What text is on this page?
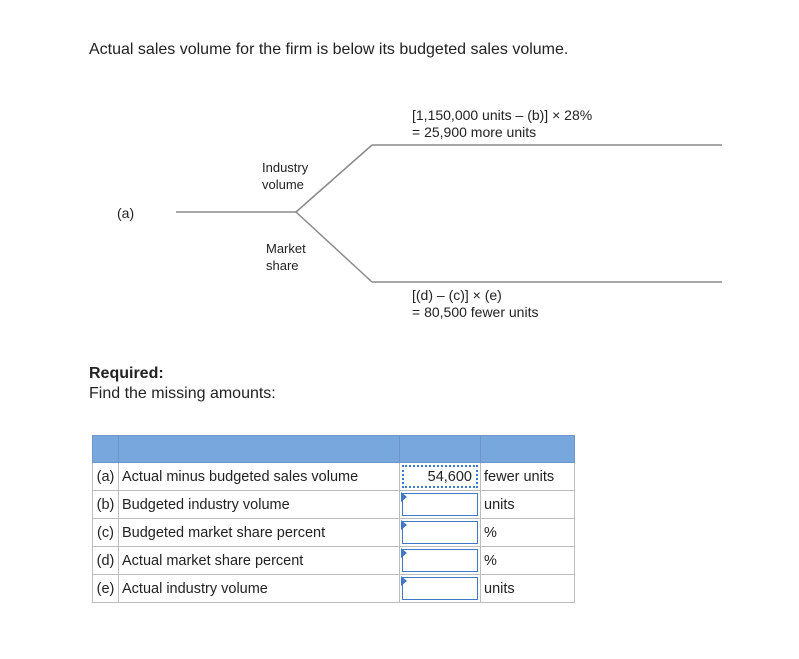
Actual sales volume for the firm is below its budgeted sales volume.
(a)
Industry
volume
Market
share
[1,150,000 units – (b)] × 28%
= 25,900 more units
[(d) – (c)] × (e)
= 80,500 fewer units
Required:
Find the missing amounts:

(a)	Actual minus budgeted sales volume	54,600	fewer units
(b)	Budgeted industry volume		units
(c)	Budgeted market share percent		%
(d)	Actual market share percent		%
(e)	Actual industry volume		units
